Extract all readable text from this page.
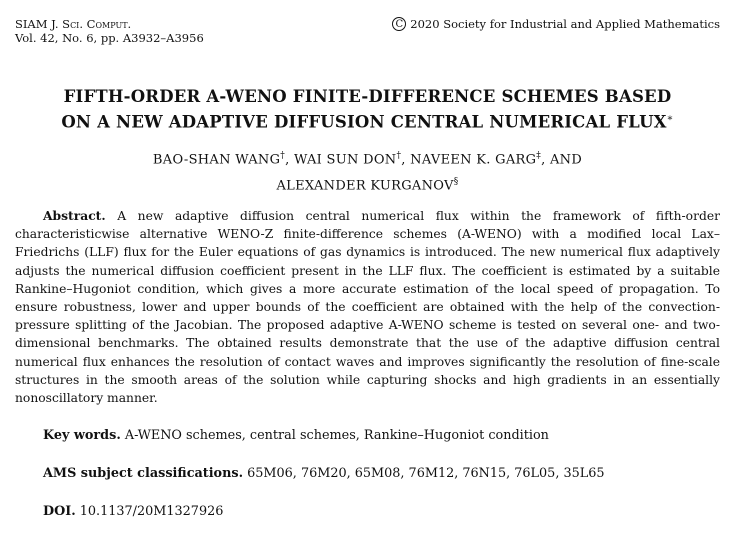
SIAM J. Sci. Comput.
Vol. 42, No. 6, pp. A3932–A3956
C 2020 Society for Industrial and Applied Mathematics
FIFTH-ORDER A-WENO FINITE-DIFFERENCE SCHEMES BASED
ON A NEW ADAPTIVE DIFFUSION CENTRAL NUMERICAL FLUX∗
BAO-SHAN WANG†, WAI SUN DON†, NAVEEN K. GARG‡, AND
ALEXANDER KURGANOV§

Abstract. A new adaptive diffusion central numerical flux within the framework of fifth-order characteristicwise alternative WENO-Z finite-difference schemes (A-WENO) with a modified local Lax–Friedrichs (LLF) flux for the Euler equations of gas dynamics is introduced. The new numerical flux adaptively adjusts the numerical diffusion coefficient present in the LLF flux. The coefficient is estimated by a suitable Rankine–Hugoniot condition, which gives a more accurate estimation of the local speed of propagation. To ensure robustness, lower and upper bounds of the coefficient are obtained with the help of the convection-pressure splitting of the Jacobian. The proposed adaptive A-WENO scheme is tested on several one- and two-dimensional benchmarks. The obtained results demonstrate that the use of the adaptive diffusion central numerical flux enhances the resolution of contact waves and improves significantly the resolution of fine-scale structures in the smooth areas of the solution while capturing shocks and high gradients in an essentially nonoscillatory manner.

Key words. A-WENO schemes, central schemes, Rankine–Hugoniot condition
AMS subject classifications. 65M06, 76M20, 65M08, 76M12, 76N15, 76L05, 35L65
DOI. 10.1137/20M1327926
